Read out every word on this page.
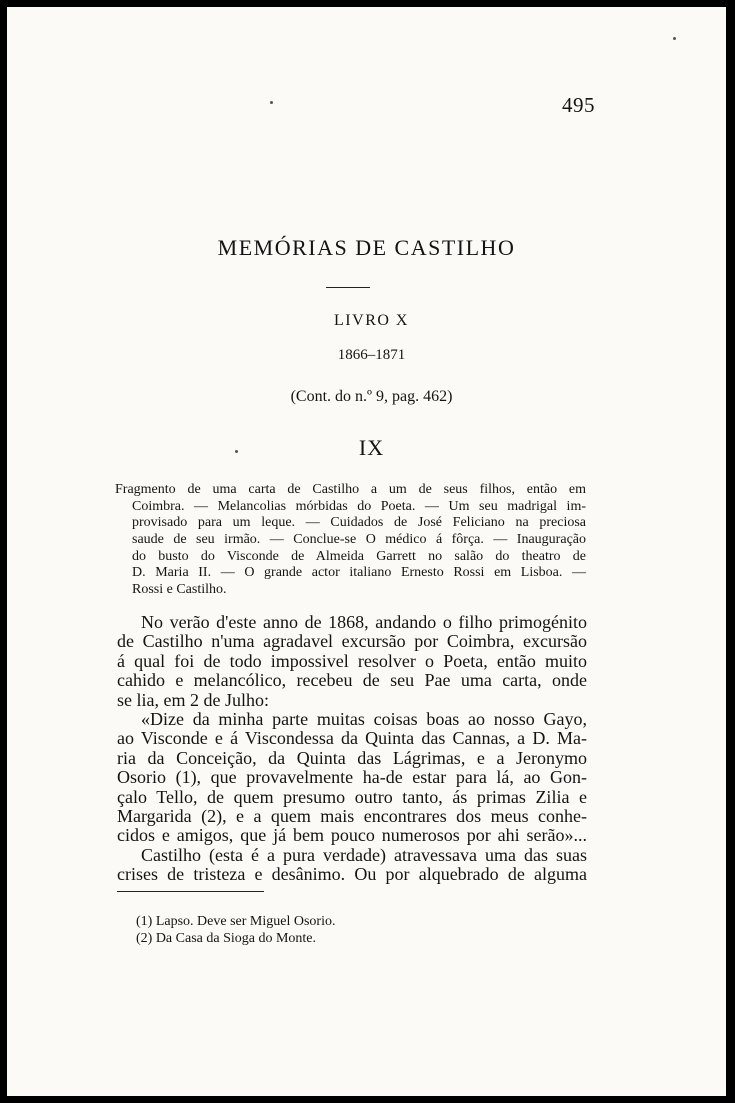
495
MEMÓRIAS DE CASTILHO
LIVRO X
1866–1871
(Cont. do n.º 9, pag. 462)
IX
Fragmento de uma carta de Castilho a um de seus filhos, então em
Coimbra. — Melancolias mórbidas do Poeta. — Um seu madrigal im-
provisado para um leque. — Cuidados de José Feliciano na preciosa
saude de seu irmão. — Conclue-se O médico á fôrça. — Inauguração
do busto do Visconde de Almeida Garrett no salão do theatro de
D. Maria II. — O grande actor italiano Ernesto Rossi em Lisboa. —
Rossi e Castilho.
No verão d'este anno de 1868, andando o filho primogénito
de Castilho n'uma agradavel excursão por Coimbra, excursão
á qual foi de todo impossivel resolver o Poeta, então muito
cahido e melancólico, recebeu de seu Pae uma carta, onde
se lia, em 2 de Julho:
«Dize da minha parte muitas coisas boas ao nosso Gayo,
ao Visconde e á Viscondessa da Quinta das Cannas, a D. Ma-
ria da Conceição, da Quinta das Lágrimas, e a Jeronymo
Osorio (1), que provavelmente ha-de estar para lá, ao Gon-
çalo Tello, de quem presumo outro tanto, ás primas Zilia e
Margarida (2), e a quem mais encontrares dos meus conhe-
cidos e amigos, que já bem pouco numerosos por ahi serão»...
Castilho (esta é a pura verdade) atravessava uma das suas
crises de tristeza e desânimo. Ou por alquebrado de alguma
(1) Lapso. Deve ser Miguel Osorio.
(2) Da Casa da Sioga do Monte.
